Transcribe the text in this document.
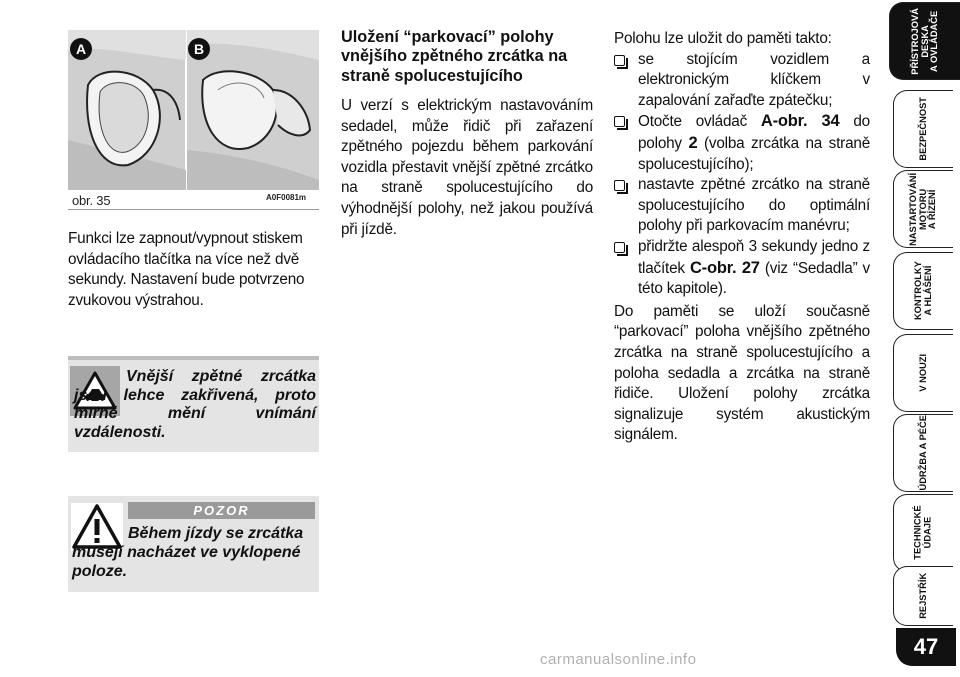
A	B
obr. 35	A0F0081m
Funkci lze zapnout/vypnout stiskem ovládacího tlačítka na více než dvě sekundy. Nastavení bude potvrzeno zvukovou výstrahou.
Vnější zpětné zrcátka jsou lehce zakřivená, proto mírně mění vnímání vzdálenosti.
POZOR
Během jízdy se zrcátka musejí nacházet ve vyklopené poloze.
Uložení “parkovací” polohy vnějšího zpětného zrcátka na straně spolucestujícího
U verzí s elektrickým nastavováním sedadel, může řidič při zařazení zpětného pojezdu během parkování vozidla přestavit vnější zpětné zrcátko na straně spolucestujícího do výhodnější polohy, než jakou používá při jízdě.

Polohu lze uložit do paměti takto:

se stojícím vozidlem a elektronickým klíčkem v zapalování zařaďte zpátečku;
Otočte ovládač A-obr. 34 do polohy 2 (volba zrcátka na straně spolucestujícího);
nastavte zpětné zrcátko na straně spolucestujícího do optimální polohy při parkovacím manévru;
přidržte alespoň 3 sekundy jedno z tlačítek C-obr. 27 (viz “Sedadla” v této kapitole).

Do paměti se uloží současně “parkovací” poloha vnějšího zpětného zrcátka na straně spolucestujícího a poloha sedadla a zrcátka na straně řidiče. Uložení polohy zrcátka signalizuje systém akustickým signálem.

PŘÍSTROJOVÁ
DESKA
A OVLÁDAČE
BEZPEČNOST
NASTARTOVÁNÍ
MOTORU
A ŘÍZENÍ
KONTROLKY
A HLÁŠENÍ
V NOUZI
ÚDRŽBA A PÉČE
TECHNICKÉ
ÚDAJE
REJSTŘÍK
47
carmanualsonline.info
